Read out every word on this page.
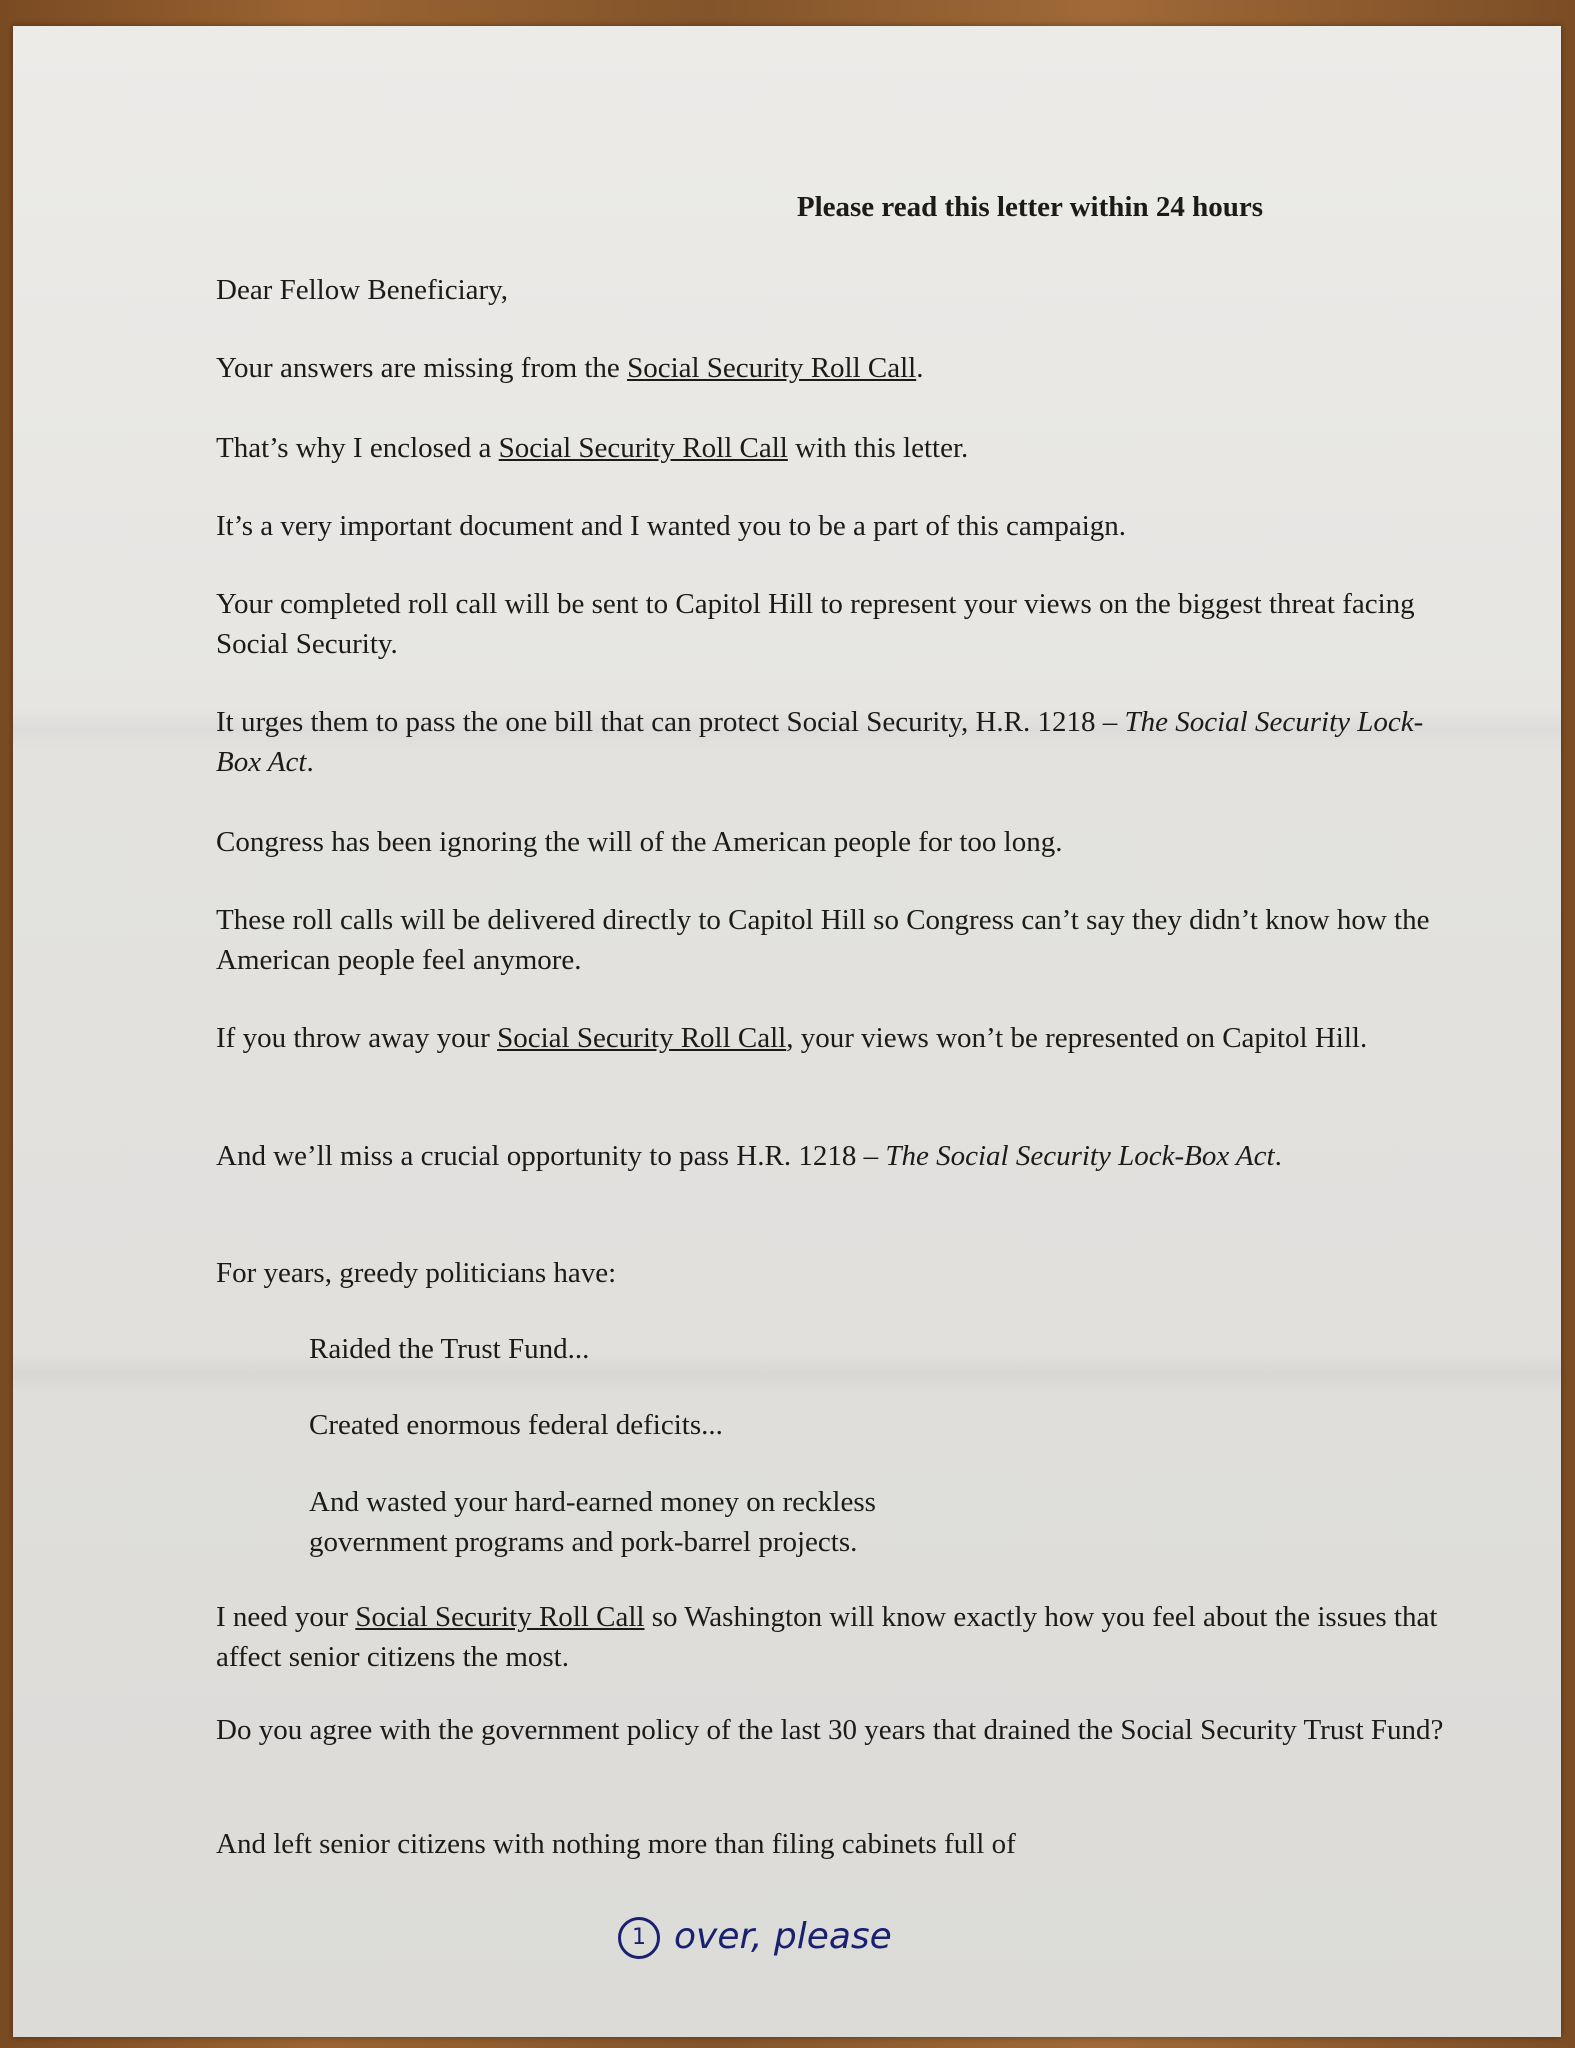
Please read this letter within 24 hours

Dear Fellow Beneficiary,

Your answers are missing from the Social Security Roll Call.

That’s why I enclosed a Social Security Roll Call with this letter.

It’s a very important document and I wanted you to be a part of this campaign.

Your completed roll call will be sent to Capitol Hill to represent your views on the biggest threat facing Social Security.

It urges them to pass the one bill that can protect Social Security, H.R. 1218 – The Social Security Lock-Box Act.

Congress has been ignoring the will of the American people for too long.

These roll calls will be delivered directly to Capitol Hill so Congress can’t say they didn’t know how the American people feel anymore.

If you throw away your Social Security Roll Call, your views won’t be represented on Capitol Hill.

And we’ll miss a crucial opportunity to pass H.R. 1218 – The Social Security Lock-Box Act.

For years, greedy politicians have:

Raided the Trust Fund...

Created enormous federal deficits...

And wasted your hard-earned money on reckless government programs and pork-barrel projects.

I need your Social Security Roll Call so Washington will know exactly how you feel about the issues that affect senior citizens the most.

Do you agree with the government policy of the last 30 years that drained the Social Security Trust Fund?

And left senior citizens with nothing more than filing cabinets full of

1 over, please
